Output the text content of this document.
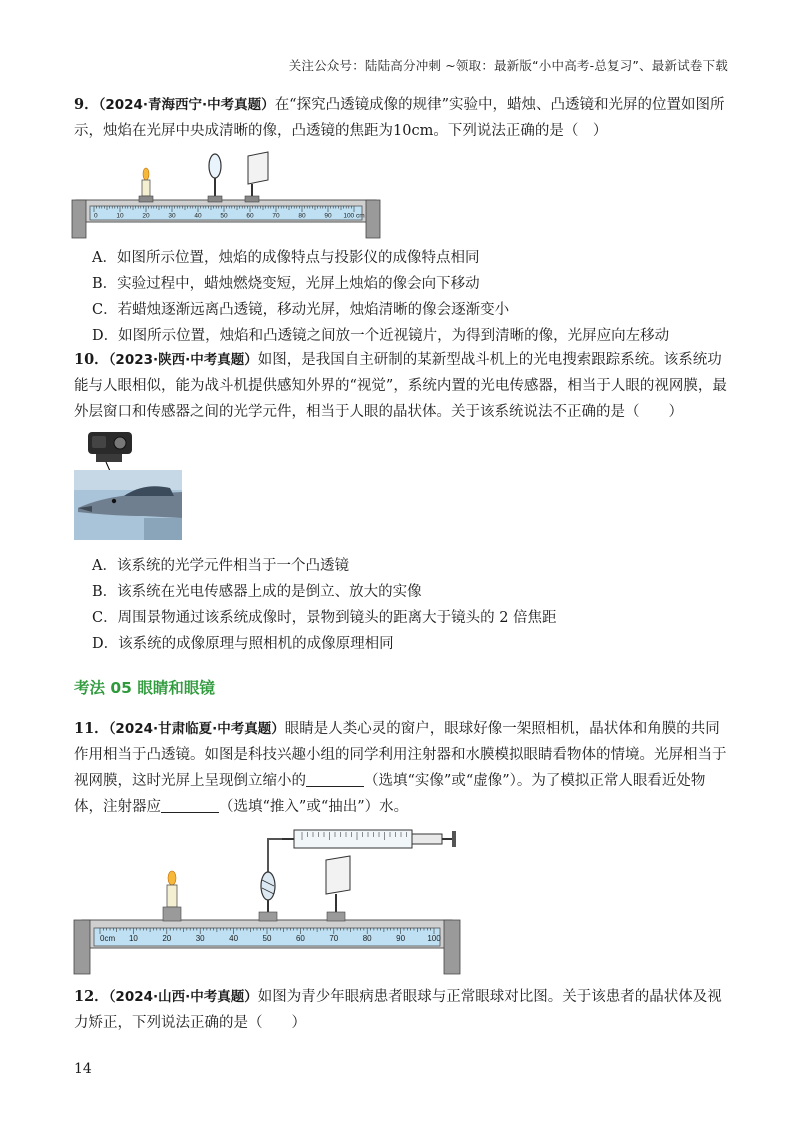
关注公众号：陆陆高分冲刺 ~领取：最新版“小中高考-总复习”、最新试卷下载
9．（2024·青海西宁·中考真题）在“探究凸透镜成像的规律”实验中，蜡烛、凸透镜和光屏的位置如图所示，烛焰在光屏中央成清晰的像，凸透镜的焦距为10cm。下列说法正确的是（　）
0	10	20	30	40	50	60	70	80	90 100 cm
A．如图所示位置，烛焰的成像特点与投影仪的成像特点相同
B．实验过程中，蜡烛燃烧变短，光屏上烛焰的像会向下移动
C．若蜡烛逐渐远离凸透镜，移动光屏，烛焰清晰的像会逐渐变小
D．如图所示位置，烛焰和凸透镜之间放一个近视镜片，为得到清晰的像，光屏应向左移动
10．（2023·陕西·中考真题）如图，是我国自主研制的某新型战斗机上的光电搜索跟踪系统。该系统功能与人眼相似，能为战斗机提供感知外界的“视觉”，系统内置的光电传感器，相当于人眼的视网膜，最外层窗口和传感器之间的光学元件，相当于人眼的晶状体。关于该系统说法不正确的是（　　）
A．该系统的光学元件相当于一个凸透镜
B．该系统在光电传感器上成的是倒立、放大的实像
C．周围景物通过该系统成像时，景物到镜头的距离大于镜头的 2 倍焦距
D．该系统的成像原理与照相机的成像原理相同
考法 05 眼睛和眼镜
11．（2024·甘肃临夏·中考真题）眼睛是人类心灵的窗户，眼球好像一架照相机，晶状体和角膜的共同作用相当于凸透镜。如图是科技兴趣小组的同学利用注射器和水膜模拟眼睛看物体的情境。光屏相当于视网膜，这时光屏上呈现倒立缩小的	（选填“实像”或“虚像”）。为了模拟正常人眼看近处物体，注射器应	（选填“推入”或“抽出”）水。
0cm 10	20	30	40	50	60	70	80	90	100
12．（2024·山西·中考真题）如图为青少年眼病患者眼球与正常眼球对比图。关于该患者的晶状体及视力矫正，下列说法正确的是（　　）
14
